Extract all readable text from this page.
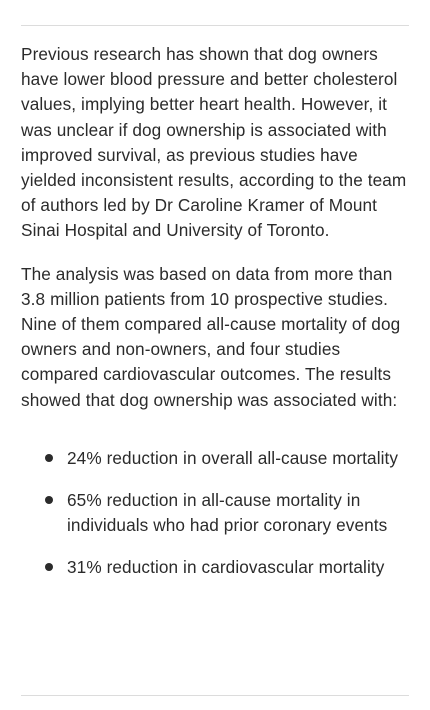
Previous research has shown that dog owners have lower blood pressure and better cholesterol values, implying better heart health. However, it was unclear if dog ownership is associated with improved survival, as previous studies have yielded inconsistent results, according to the team of authors led by Dr Caroline Kramer of Mount Sinai Hospital and University of Toronto.

The analysis was based on data from more than 3.8 million patients from 10 prospective studies. Nine of them compared all-cause mortality of dog owners and non-owners, and four studies compared cardiovascular outcomes. The results showed that dog ownership was associated with:

24% reduction in overall all-cause mortality
65% reduction in all-cause mortality in individuals who had prior coronary events
31% reduction in cardiovascular mortality
